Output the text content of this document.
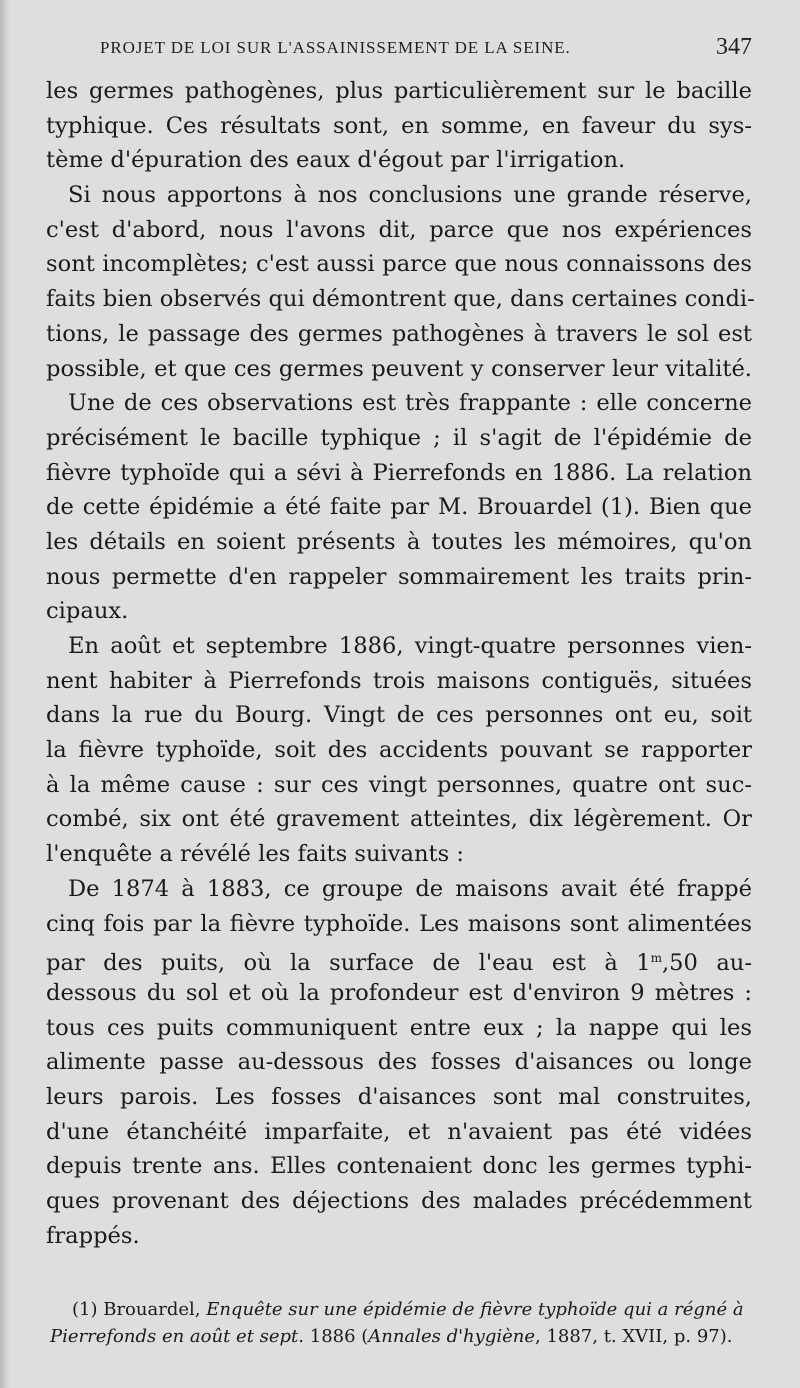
PROJET DE LOI SUR L'ASSAINISSEMENT DE LA SEINE.	347
les germes pathogènes, plus particulièrement sur le bacille
typhique. Ces résultats sont, en somme, en faveur du sys-
tème d'épuration des eaux d'égout par l'irrigation.
Si nous apportons à nos conclusions une grande réserve,
c'est d'abord, nous l'avons dit, parce que nos expériences
sont incomplètes; c'est aussi parce que nous connaissons des
faits bien observés qui démontrent que, dans certaines condi-
tions, le passage des germes pathogènes à travers le sol est
possible, et que ces germes peuvent y conserver leur vitalité.
Une de ces observations est très frappante : elle concerne
précisément le bacille typhique ; il s'agit de l'épidémie de
fièvre typhoïde qui a sévi à Pierrefonds en 1886. La relation
de cette épidémie a été faite par M. Brouardel (1). Bien que
les détails en soient présents à toutes les mémoires, qu'on
nous permette d'en rappeler sommairement les traits prin-
cipaux.
En août et septembre 1886, vingt-quatre personnes vien-
nent habiter à Pierrefonds trois maisons contiguës, situées
dans la rue du Bourg. Vingt de ces personnes ont eu, soit
la fièvre typhoïde, soit des accidents pouvant se rapporter
à la même cause : sur ces vingt personnes, quatre ont suc-
combé, six ont été gravement atteintes, dix légèrement. Or
l'enquête a révélé les faits suivants :
De 1874 à 1883, ce groupe de maisons avait été frappé
cinq fois par la fièvre typhoïde. Les maisons sont alimentées
par des puits, où la surface de l'eau est à 1$^m$,50 au-
dessous du sol et où la profondeur est d'environ 9 mètres :
tous ces puits communiquent entre eux ; la nappe qui les
alimente passe au-dessous des fosses d'aisances ou longe
leurs parois. Les fosses d'aisances sont mal construites,
d'une étanchéité imparfaite, et n'avaient pas été vidées
depuis trente ans. Elles contenaient donc les germes typhi-
ques provenant des déjections des malades précédemment
frappés.
(1) Brouardel, Enquête sur une épidémie de fièvre typhoïde qui a régné à
Pierrefonds en août et sept. 1886 (Annales d'hygiène, 1887, t. XVII, p. 97).
